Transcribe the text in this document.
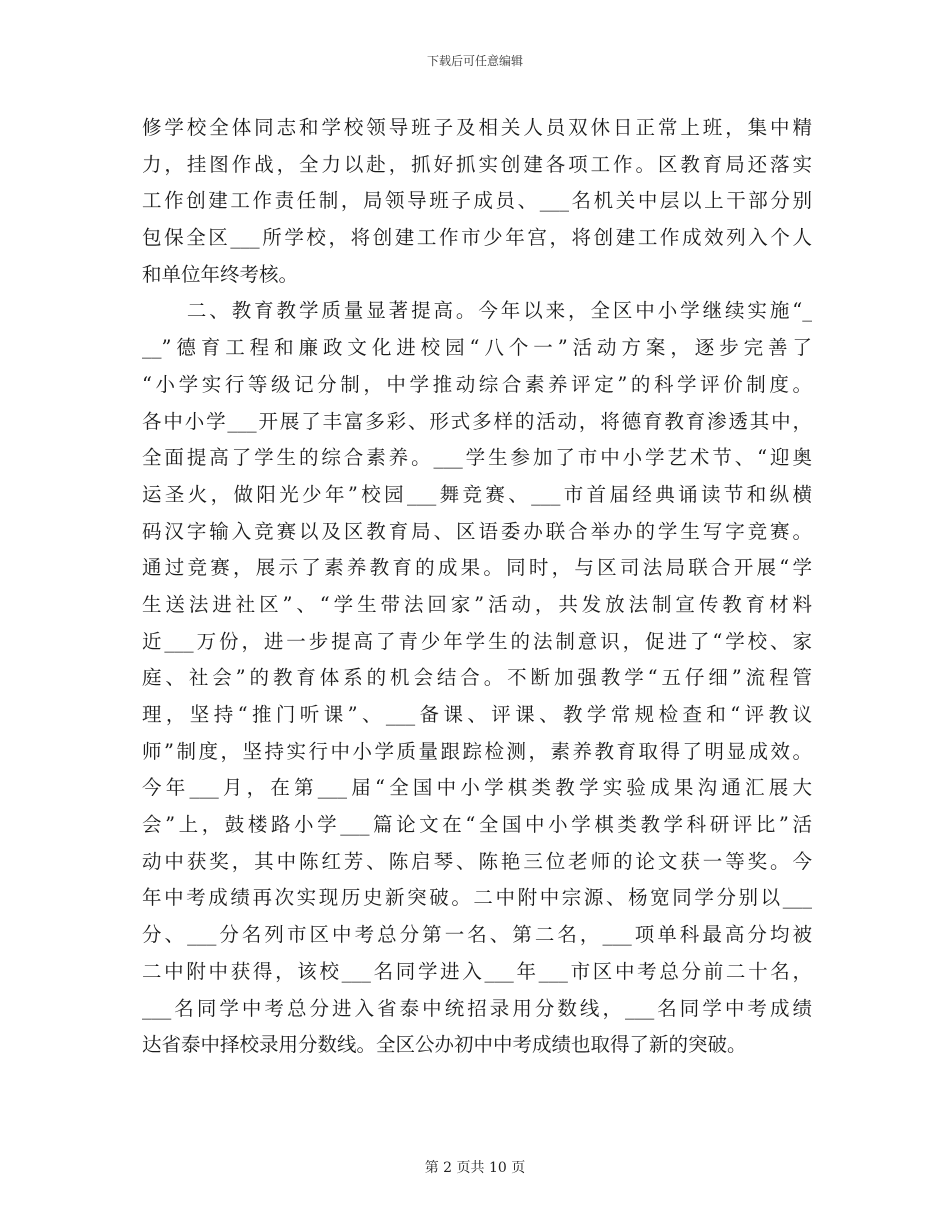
下载后可任意编辑
修学校全体同志和学校领导班子及相关人员双休日正常上班，集中精
力，挂图作战，全力以赴，抓好抓实创建各项工作。区教育局还落实
工作创建工作责任制，局领导班子成员、___名机关中层以上干部分别
包保全区___所学校，将创建工作市少年宫，将创建工作成效列入个人
和单位年终考核。
　　二、教育教学质量显著提高。今年以来，全区中小学继续实施“_
__”德育工程和廉政文化进校园“八个一”活动方案，逐步完善了
“小学实行等级记分制，中学推动综合素养评定”的科学评价制度。
各中小学___开展了丰富多彩、形式多样的活动，将德育教育渗透其中，
全面提高了学生的综合素养。___学生参加了市中小学艺术节、“迎奥
运圣火，做阳光少年”校园___舞竞赛、___市首届经典诵读节和纵横
码汉字输入竞赛以及区教育局、区语委办联合举办的学生写字竞赛。
通过竞赛，展示了素养教育的成果。同时，与区司法局联合开展“学
生送法进社区”、“学生带法回家”活动，共发放法制宣传教育材料
近___万份，进一步提高了青少年学生的法制意识，促进了“学校、家
庭、社会”的教育体系的机会结合。不断加强教学“五仔细”流程管
理，坚持“推门听课”、___备课、评课、教学常规检查和“评教议
师”制度，坚持实行中小学质量跟踪检测，素养教育取得了明显成效。
今年___月，在第___届“全国中小学棋类教学实验成果沟通汇展大
会”上，鼓楼路小学___篇论文在“全国中小学棋类教学科研评比”活
动中获奖，其中陈红芳、陈启琴、陈艳三位老师的论文获一等奖。今
年中考成绩再次实现历史新突破。二中附中宗源、杨宽同学分别以___
分、___分名列市区中考总分第一名、第二名，___项单科最高分均被
二中附中获得，该校___名同学进入___年___市区中考总分前二十名，
___名同学中考总分进入省泰中统招录用分数线，___名同学中考成绩
达省泰中择校录用分数线。全区公办初中中考成绩也取得了新的突破。
第 2 页共 10 页
